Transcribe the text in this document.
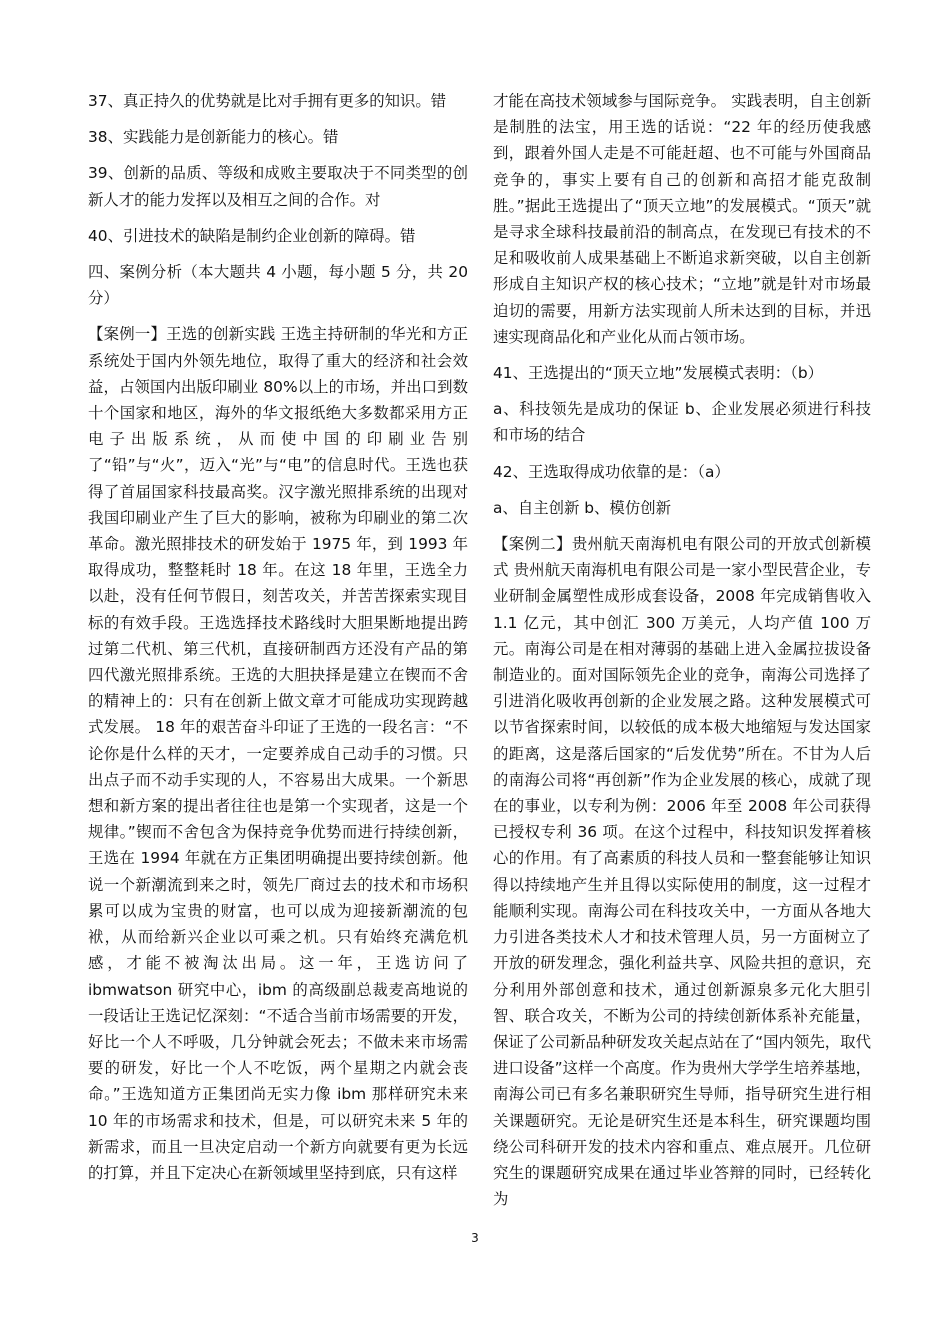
37、真正持久的优势就是比对手拥有更多的知识。错

38、实践能力是创新能力的核心。错

39、创新的品质、等级和成败主要取决于不同类型的创新人才的能力发挥以及相互之间的合作。对

40、引进技术的缺陷是制约企业创新的障碍。错

四、案例分析（本大题共 4 小题，每小题 5 分，共 20 分）

【案例一】王选的创新实践 王选主持研制的华光和方正系统处于国内外领先地位，取得了重大的经济和社会效益，占领国内出版印刷业 80%以上的市场，并出口到数十个国家和地区，海外的华文报纸绝大多数都采用方正电子出版系统，从而使中国的印刷业告别了“铅”与“火”，迈入“光”与“电”的信息时代。王选也获得了首届国家科技最高奖。汉字激光照排系统的出现对我国印刷业产生了巨大的影响，被称为印刷业的第二次革命。激光照排技术的研发始于 1975 年，到 1993 年取得成功，整整耗时 18 年。在这 18 年里，王选全力以赴，没有任何节假日，刻苦攻关，并苦苦探索实现目标的有效手段。王选选择技术路线时大胆果断地提出跨过第二代机、第三代机，直接研制西方还没有产品的第四代激光照排系统。王选的大胆抉择是建立在锲而不舍的精神上的：只有在创新上做文章才可能成功实现跨越式发展。 18 年的艰苦奋斗印证了王选的一段名言：“不论你是什么样的天才，一定要养成自己动手的习惯。只出点子而不动手实现的人，不容易出大成果。一个新思想和新方案的提出者往往也是第一个实现者，这是一个规律。”锲而不舍包含为保持竞争优势而进行持续创新，王选在 1994 年就在方正集团明确提出要持续创新。他说一个新潮流到来之时，领先厂商过去的技术和市场积累可以成为宝贵的财富，也可以成为迎接新潮流的包袱，从而给新兴企业以可乘之机。只有始终充满危机感，才能不被淘汰出局。这一年，王选访问了 ibmwatson 研究中心，ibm 的高级副总裁麦高地说的一段话让王选记忆深刻：“不适合当前市场需要的开发，好比一个人不呼吸，几分钟就会死去；不做未来市场需要的研发，好比一个人不吃饭，两个星期之内就会丧命。”王选知道方正集团尚无实力像 ibm 那样研究未来 10 年的市场需求和技术，但是，可以研究未来 5 年的新需求，而且一旦决定启动一个新方向就要有更为长远的打算，并且下定决心在新领域里坚持到底，只有这样

才能在高技术领域参与国际竞争。 实践表明，自主创新是制胜的法宝，用王选的话说：“22 年的经历使我感到，跟着外国人走是不可能赶超、也不可能与外国商品竞争的，事实上要有自己的创新和高招才能克敌制胜。”据此王选提出了“顶天立地”的发展模式。“顶天”就是寻求全球科技最前沿的制高点，在发现已有技术的不足和吸收前人成果基础上不断追求新突破，以自主创新形成自主知识产权的核心技术；“立地”就是针对市场最迫切的需要，用新方法实现前人所未达到的目标，并迅速实现商品化和产业化从而占领市场。

41、王选提出的“顶天立地”发展模式表明：（b）

a、科技领先是成功的保证 b、企业发展必须进行科技和市场的结合

42、王选取得成功依靠的是：（a）

a、自主创新 b、模仿创新

【案例二】贵州航天南海机电有限公司的开放式创新模式 贵州航天南海机电有限公司是一家小型民营企业，专业研制金属塑性成形成套设备，2008 年完成销售收入 1.1 亿元，其中创汇 300 万美元，人均产值 100 万元。南海公司是在相对薄弱的基础上进入金属拉拔设备制造业的。面对国际领先企业的竞争，南海公司选择了引进消化吸收再创新的企业发展之路。这种发展模式可以节省探索时间，以较低的成本极大地缩短与发达国家的距离，这是落后国家的“后发优势”所在。不甘为人后的南海公司将“再创新”作为企业发展的核心，成就了现在的事业，以专利为例：2006 年至 2008 年公司获得已授权专利 36 项。在这个过程中，科技知识发挥着核心的作用。有了高素质的科技人员和一整套能够让知识得以持续地产生并且得以实际使用的制度，这一过程才能顺利实现。南海公司在科技攻关中，一方面从各地大力引进各类技术人才和技术管理人员，另一方面树立了开放的研发理念，强化利益共享、风险共担的意识，充分利用外部创意和技术，通过创新源泉多元化大胆引智、联合攻关，不断为公司的持续创新体系补充能量，保证了公司新品种研发攻关起点站在了“国内领先，取代进口设备”这样一个高度。作为贵州大学学生培养基地，南海公司已有多名兼职研究生导师，指导研究生进行相关课题研究。无论是研究生还是本科生，研究课题均围绕公司科研开发的技术内容和重点、难点展开。几位研究生的课题研究成果在通过毕业答辩的同时，已经转化为

3
